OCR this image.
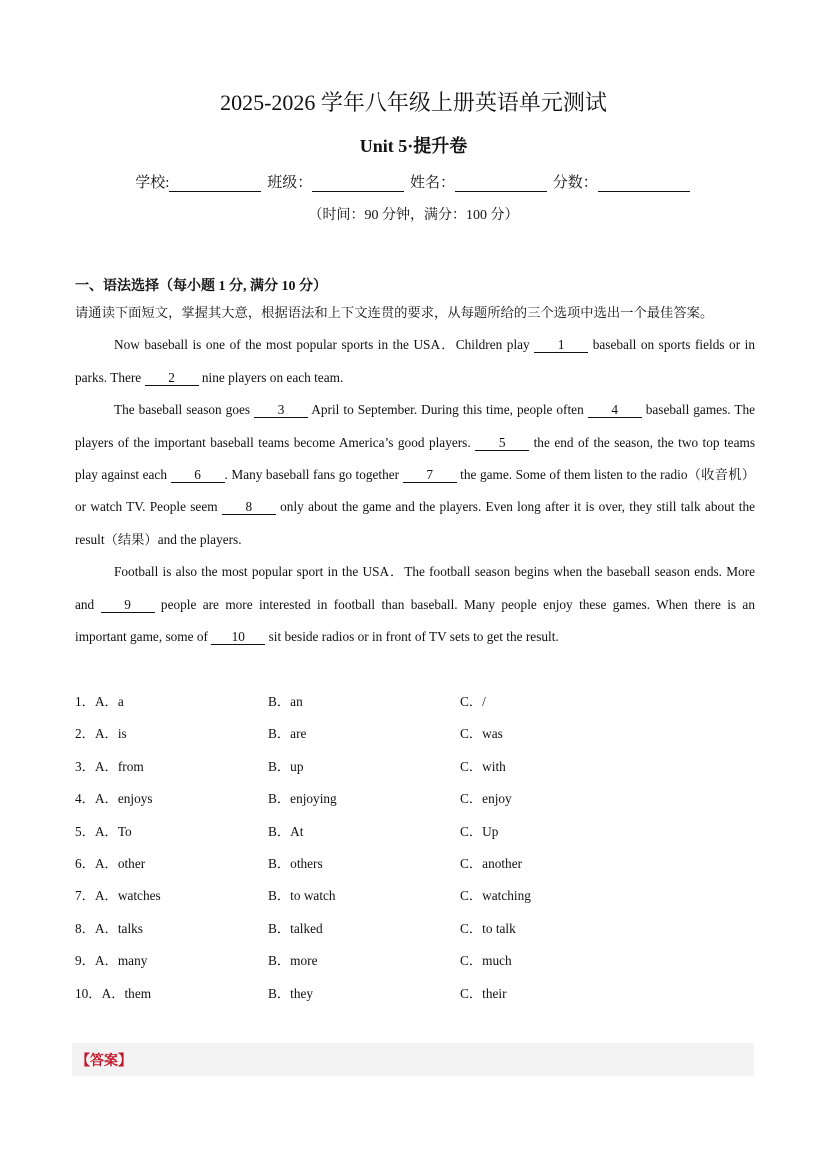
2025-2026 学年八年级上册英语单元测试
Unit 5·提升卷
学校:	班级：	姓名：	分数：
（时间：90 分钟，满分：100 分）
一、语法选择（每小题 1 分, 满分 10 分）

请通读下面短文，掌握其大意，根据语法和上下文连贯的要求，从每题所给的三个选项中选出一个最佳答案。

Now baseball is one of the most popular sports in the USA．Children play 1 baseball on sports fields or in parks. There 2 nine players on each team.

The baseball season goes 3 April to September. During this time, people often 4 baseball games. The players of the important baseball teams become America’s good players. 5 the end of the season, the two top teams play against each 6 . Many baseball fans go together 7 the game. Some of them listen to the radio（收音机）or watch TV. People seem 8 only about the game and the players. Even long after it is over, they still talk about the result（结果）and the players.

Football is also the most popular sport in the USA．The football season begins when the baseball season ends. More and 9 people are more interested in football than baseball. Many people enjoy these games. When there is an important game, some of 10 sit beside radios or in front of TV sets to get the result.

1．A．a	B．an	C．/
2．A．is	B．are	C．was
3．A．from	B．up	C．with
4．A．enjoys	B．enjoying	C．enjoy
5．A．To	B．At	C．Up
6．A．other	B．others	C．another
7．A．watches	B．to watch	C．watching
8．A．talks	B．talked	C．to talk
9．A．many	B．more	C．much
10．A．them	B．they	C．their
【答案】
